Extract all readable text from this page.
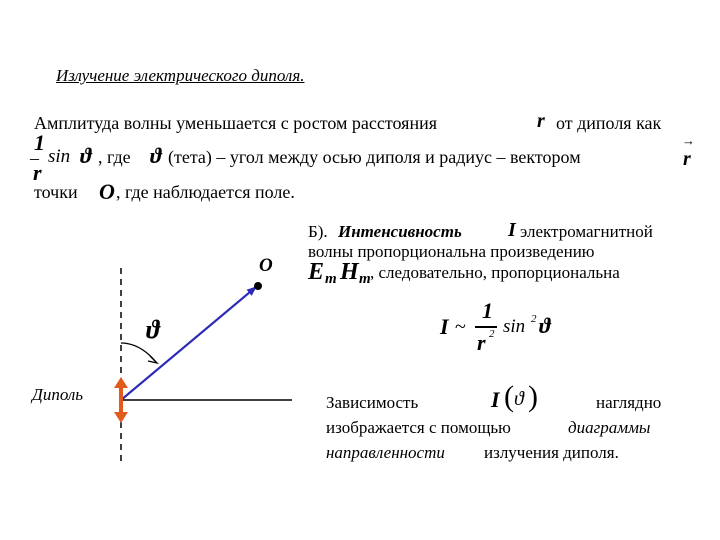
Излучение электрического диполя.
Амплитуда волны уменьшается с ростом расстояния	r от диполя как
1
–
r
sin ϑ , где ϑ (тета) – угол между осью диполя и радиус – вектором	r
→
точки O , где наблюдается поле.
O
ϑ
Диполь
Б). Интенсивность I электромагнитной
волны пропорциональна произведению
E m H m , следовательно, пропорциональна
I ~
1
r 2 sin 2 ϑ
Зависимость	I ( ϑ )	наглядно
изображается с помощью	диаграммы
направленности излучения диполя.
